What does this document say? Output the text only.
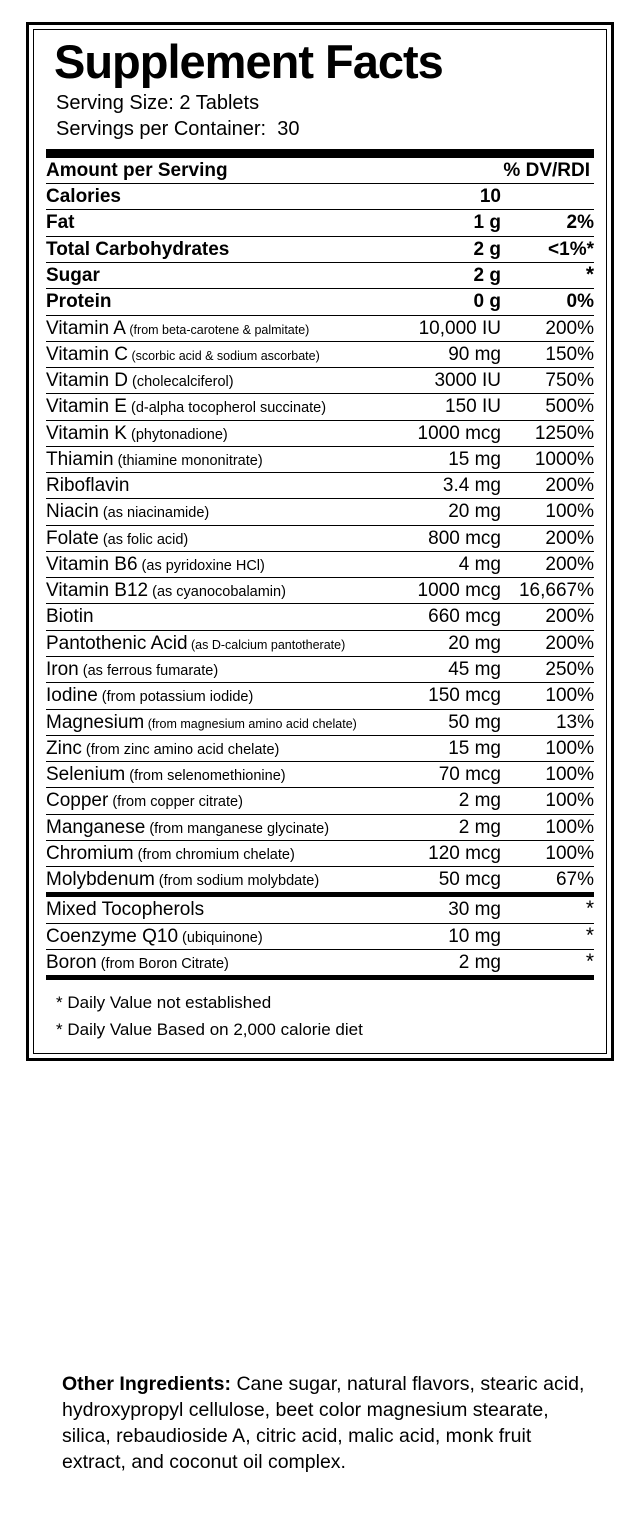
Supplement Facts
Serving Size: 2 Tablets
Servings per Container:  30
Amount per Serving	% DV/RDI	
Calories	10	
Fat	1 g	2%
Total Carbohydrates	2 g	<1%*
Sugar	2 g	*
Protein	0 g	0%
Vitamin A (from beta-carotene & palmitate)	10,000 IU	200%
Vitamin C (scorbic acid & sodium ascorbate)	90 mg	150%
Vitamin D (cholecalciferol)	3000 IU	750%
Vitamin E (d-alpha tocopherol succinate)	150 IU	500%
Vitamin K (phytonadione)	1000 mcg	1250%
Thiamin (thiamine mononitrate)	15 mg	1000%
Riboflavin	3.4 mg	200%
Niacin (as niacinamide)	20 mg	100%
Folate (as folic acid)	800 mcg	200%
Vitamin B6 (as pyridoxine HCl)	4 mg	200%
Vitamin B12 (as cyanocobalamin)	1000 mcg	16,667%
Biotin	660 mcg	200%
Pantothenic Acid (as D-calcium pantotherate)	20 mg	200%
Iron (as ferrous fumarate)	45 mg	250%
Iodine (from potassium iodide)	150 mcg	100%
Magnesium (from magnesium amino acid chelate)	50 mg	13%
Zinc (from zinc amino acid chelate)	15 mg	100%
Selenium (from selenomethionine)	70 mcg	100%
Copper (from copper citrate)	2 mg	100%
Manganese (from manganese glycinate)	2 mg	100%
Chromium (from chromium chelate)	120 mcg	100%
Molybdenum (from sodium molybdate)	50 mcg	67%

Mixed Tocopherols	30 mg	*
Coenzyme Q10 (ubiquinone)	10 mg	*
Boron (from Boron Citrate)	2 mg	*

* Daily Value not established
* Daily Value Based on 2,000 calorie diet
Other Ingredients: Cane sugar, natural flavors, stearic acid, hydroxypropyl cellulose, beet color magnesium stearate, silica, rebaudioside A, citric acid, malic acid, monk fruit extract, and coconut oil complex.
